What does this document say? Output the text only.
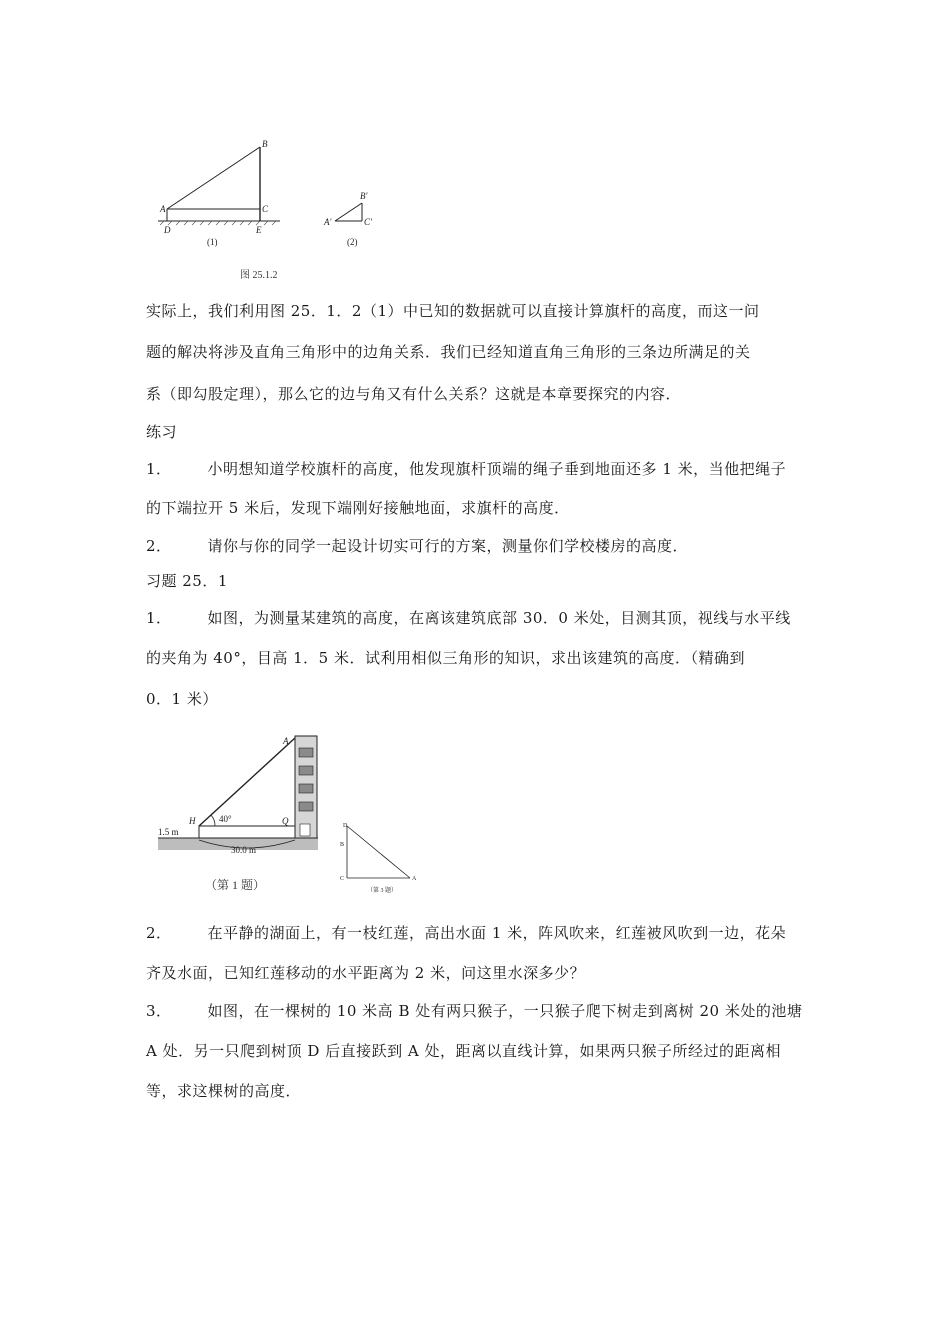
B
A	C
D	E
(1)
B′
A′	C′
(2)
图 25.1.2
实际上，我们利用图 25．1．2（1）中已知的数据就可以直接计算旗杆的高度，而这一问
题的解决将涉及直角三角形中的边角关系．我们已经知道直角三角形的三条边所满足的关
系（即勾股定理），那么它的边与角又有什么关系？这就是本章要探究的内容．
练习
1． 小明想知道学校旗杆的高度，他发现旗杆顶端的绳子垂到地面还多 1 米，当他把绳子
的下端拉开 5 米后，发现下端刚好接触地面，求旗杆的高度．
2． 请你与你的同学一起设计切实可行的方案，测量你们学校楼房的高度．
习题 25．1
1． 如图，为测量某建筑的高度，在离该建筑底部 30．0 米处，目测其顶，视线与水平线
的夹角为 40°，目高 1．5 米．试利用相似三角形的知识，求出该建筑的高度．（精确到
0．1 米）
A
H	Q
40°
1.5 m
30.0 m
（第 1 题）
D
B
C	A
（第 3 题）
2． 在平静的湖面上，有一枝红莲，高出水面 1 米，阵风吹来，红莲被风吹到一边，花朵
齐及水面，已知红莲移动的水平距离为 2 米，问这里水深多少？
3． 如图，在一棵树的 10 米高 B 处有两只猴子，一只猴子爬下树走到离树 20 米处的池塘
A 处．另一只爬到树顶 D 后直接跃到 A 处，距离以直线计算，如果两只猴子所经过的距离相
等，求这棵树的高度．
